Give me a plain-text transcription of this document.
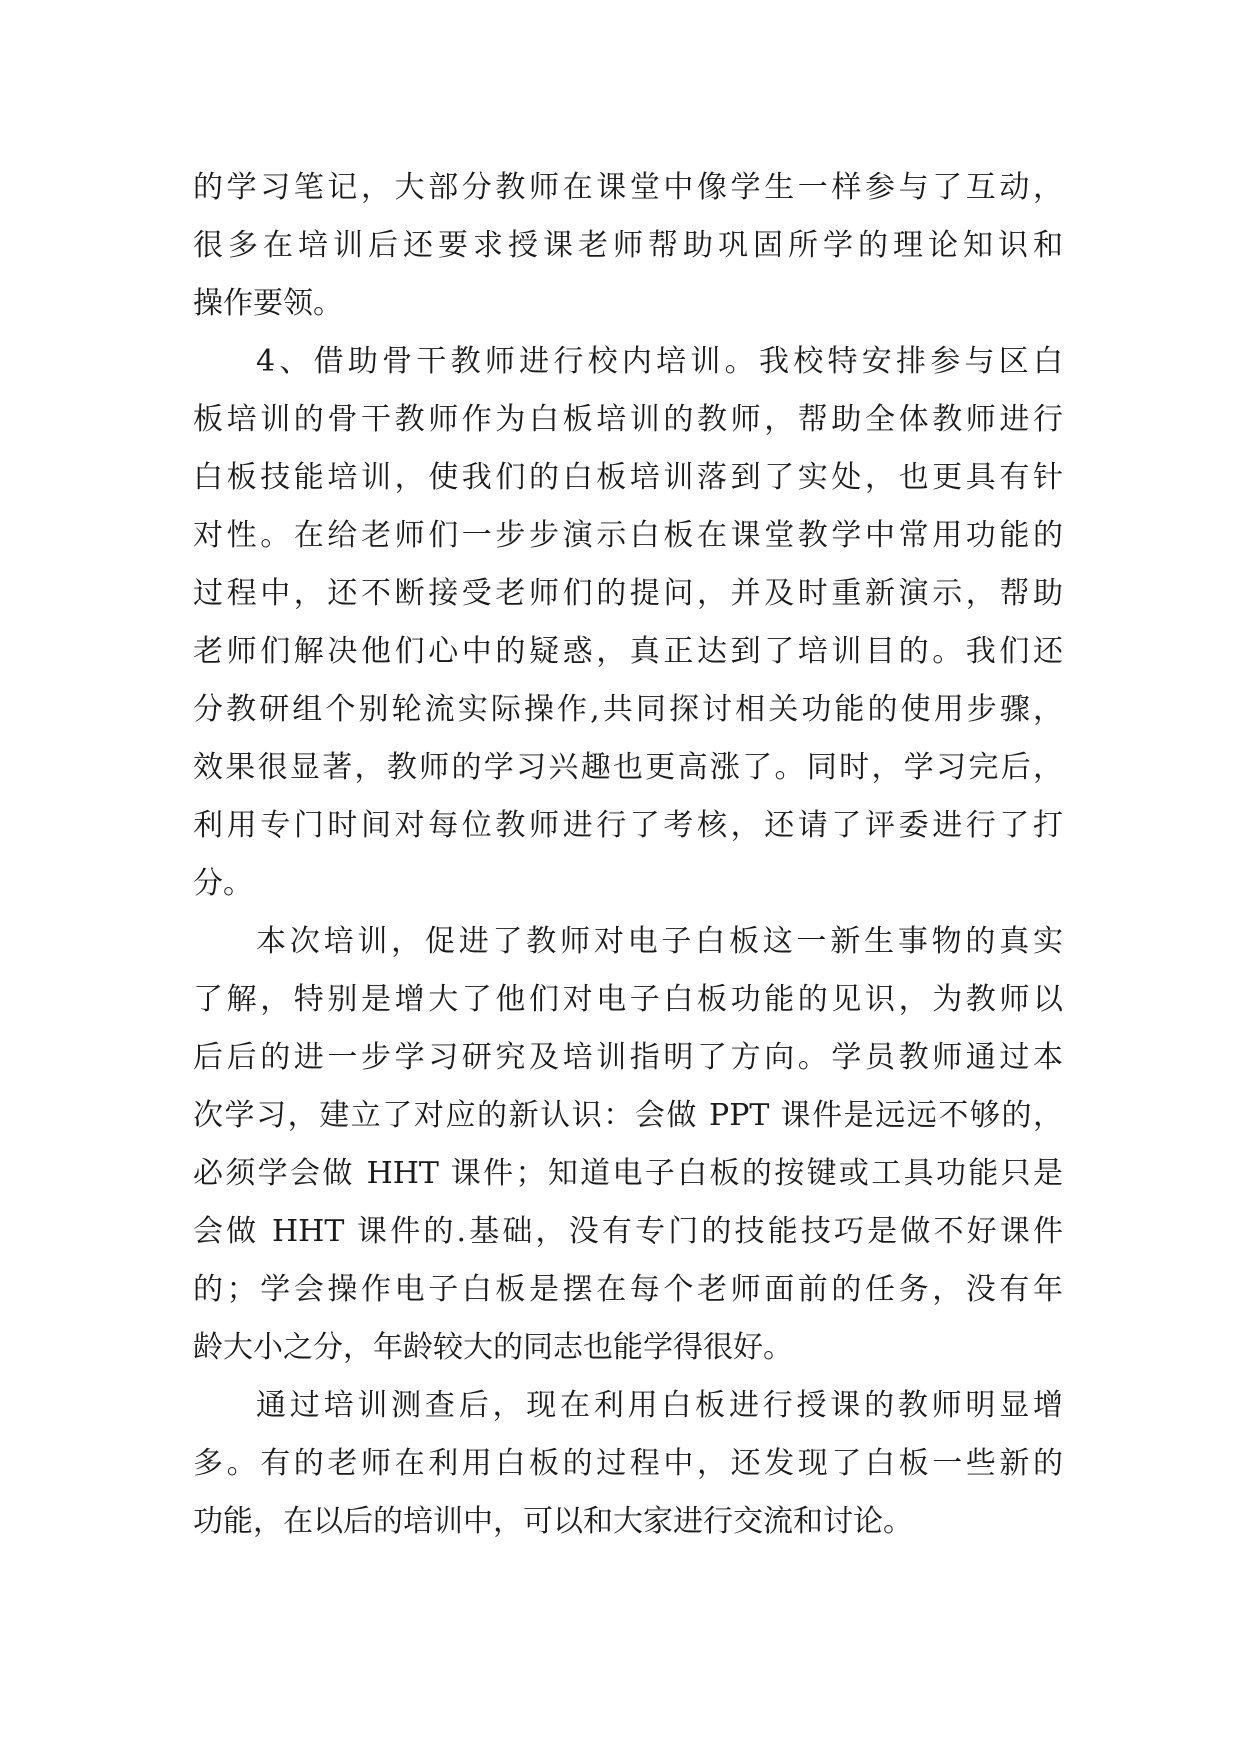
的学习笔记，大部分教师在课堂中像学生一样参与了互动，
很多在培训后还要求授课老师帮助巩固所学的理论知识和
操作要领。
4、借助骨干教师进行校内培训。我校特安排参与区白
板培训的骨干教师作为白板培训的教师，帮助全体教师进行
白板技能培训，使我们的白板培训落到了实处，也更具有针
对性。在给老师们一步步演示白板在课堂教学中常用功能的
过程中，还不断接受老师们的提问，并及时重新演示，帮助
老师们解决他们心中的疑惑，真正达到了培训目的。我们还
分教研组个别轮流实际操作,共同探讨相关功能的使用步骤，
效果很显著，教师的学习兴趣也更高涨了。同时，学习完后，
利用专门时间对每位教师进行了考核，还请了评委进行了打
分。
本次培训，促进了教师对电子白板这一新生事物的真实
了解，特别是增大了他们对电子白板功能的见识，为教师以
后后的进一步学习研究及培训指明了方向。学员教师通过本
次学习，建立了对应的新认识：会做 PPT 课件是远远不够的，
必须学会做 HHT 课件；知道电子白板的按键或工具功能只是
会做 HHT 课件的.基础，没有专门的技能技巧是做不好课件
的；学会操作电子白板是摆在每个老师面前的任务，没有年
龄大小之分，年龄较大的同志也能学得很好。
通过培训测查后，现在利用白板进行授课的教师明显增
多。有的老师在利用白板的过程中，还发现了白板一些新的
功能，在以后的培训中，可以和大家进行交流和讨论。
